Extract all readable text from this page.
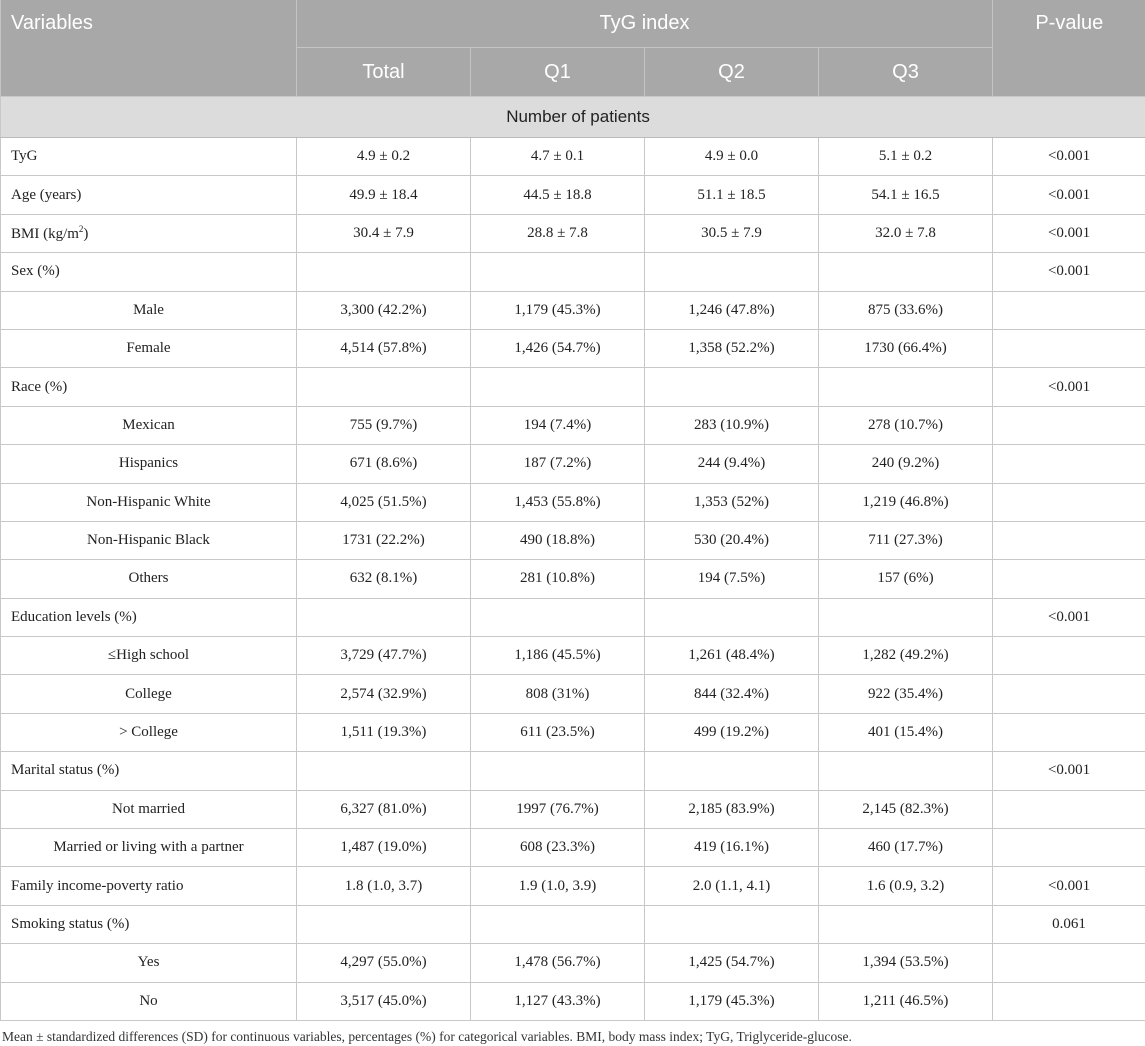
Variables	TyG index				P-value
	Total	Q1	Q2	Q3	
Number of patients					
TyG	4.9 ± 0.2	4.7 ± 0.1	4.9 ± 0.0	5.1 ± 0.2	<0.001
Age (years)	49.9 ± 18.4	44.5 ± 18.8	51.1 ± 18.5	54.1 ± 16.5	<0.001
BMI $(kg/m^2)$	30.4 ± 7.9	28.8 ± 7.8	30.5 ± 7.9	32.0 ± 7.8	<0.001
Sex (%)					<0.001
Male	3,300 (42.2%)	1,179 (45.3%)	1,246 (47.8%)	875 (33.6%)	
Female	4,514 (57.8%)	1,426 (54.7%)	1,358 (52.2%)	1730 (66.4%)	
Race (%)					<0.001
Mexican	755 (9.7%)	194 (7.4%)	283 (10.9%)	278 (10.7%)	
Hispanics	671 (8.6%)	187 (7.2%)	244 (9.4%)	240 (9.2%)	
Non-Hispanic White	4,025 (51.5%)	1,453 (55.8%)	1,353 (52%)	1,219 (46.8%)	
Non-Hispanic Black	1731 (22.2%)	490 (18.8%)	530 (20.4%)	711 (27.3%)	
Others	632 (8.1%)	281 (10.8%)	194 (7.5%)	157 (6%)	
Education levels (%)					<0.001
≤High school	3,729 (47.7%)	1,186 (45.5%)	1,261 (48.4%)	1,282 (49.2%)	
College	2,574 (32.9%)	808 (31%)	844 (32.4%)	922 (35.4%)	
> College	1,511 (19.3%)	611 (23.5%)	499 (19.2%)	401 (15.4%)	
Marital status (%)					<0.001
Not married	6,327 (81.0%)	1997 (76.7%)	2,185 (83.9%)	2,145 (82.3%)	
Married or living with a partner	1,487 (19.0%)	608 (23.3%)	419 (16.1%)	460 (17.7%)	
Family income-poverty ratio	1.8 (1.0, 3.7)	1.9 (1.0, 3.9)	2.0 (1.1, 4.1)	1.6 (0.9, 3.2)	<0.001
Smoking status (%)					0.061
Yes	4,297 (55.0%)	1,478 (56.7%)	1,425 (54.7%)	1,394 (53.5%)	
No	3,517 (45.0%)	1,127 (43.3%)	1,179 (45.3%)	1,211 (46.5%)	
Mean ± standardized differences (SD) for continuous variables, percentages (%) for categorical variables. BMI, body mass index; TyG, Triglyceride-glucose.
